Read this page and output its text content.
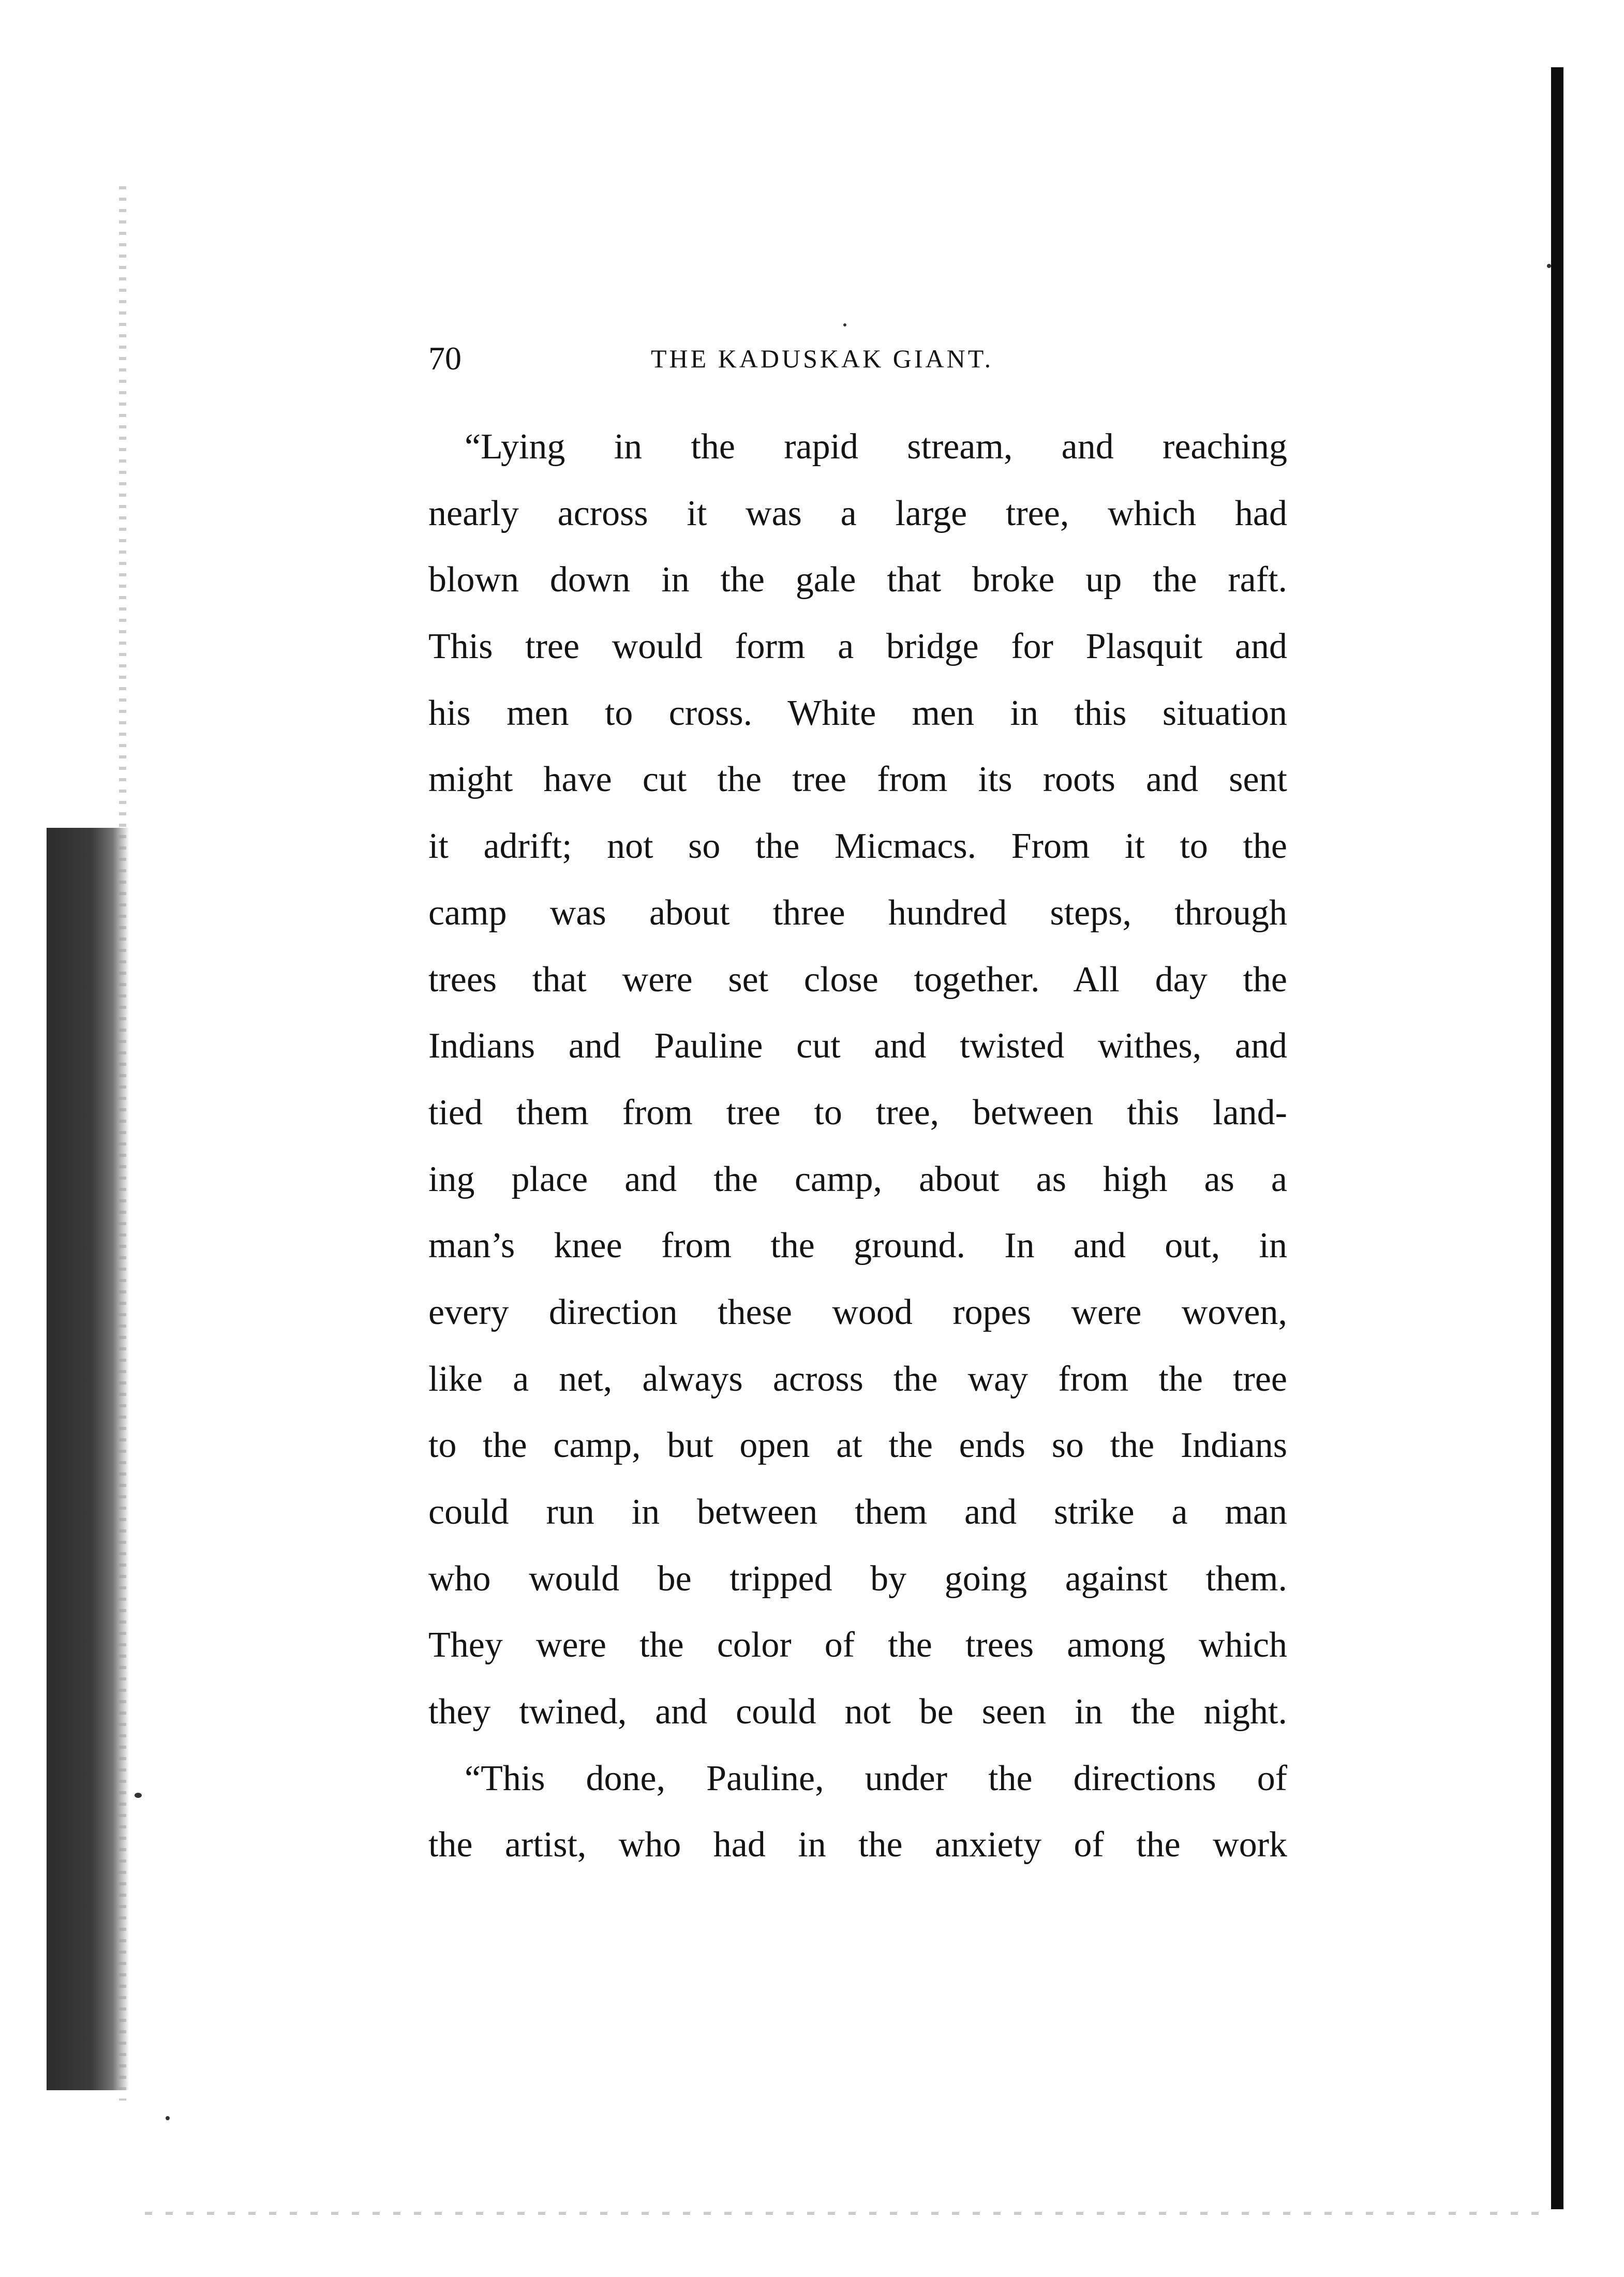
70	THE KADUSKAK GIANT.
“Lying in the rapid stream, and reaching
nearly across it was a large tree, which had
blown down in the gale that broke up the raft.
This tree would form a bridge for Plasquit and
his men to cross. White men in this situation
might have cut the tree from its roots and sent
it adrift; not so the Micmacs. From it to the
camp was about three hundred steps, through
trees that were set close together. All day the
Indians and Pauline cut and twisted withes, and
tied them from tree to tree, between this land-
ing place and the camp, about as high as a
man’s knee from the ground. In and out, in
every direction these wood ropes were woven,
like a net, always across the way from the tree
to the camp, but open at the ends so the Indians
could run in between them and strike a man
who would be tripped by going against them.
They were the color of the trees among which
they twined, and could not be seen in the night.
“This done, Pauline, under the directions of
the artist, who had in the anxiety of the work
